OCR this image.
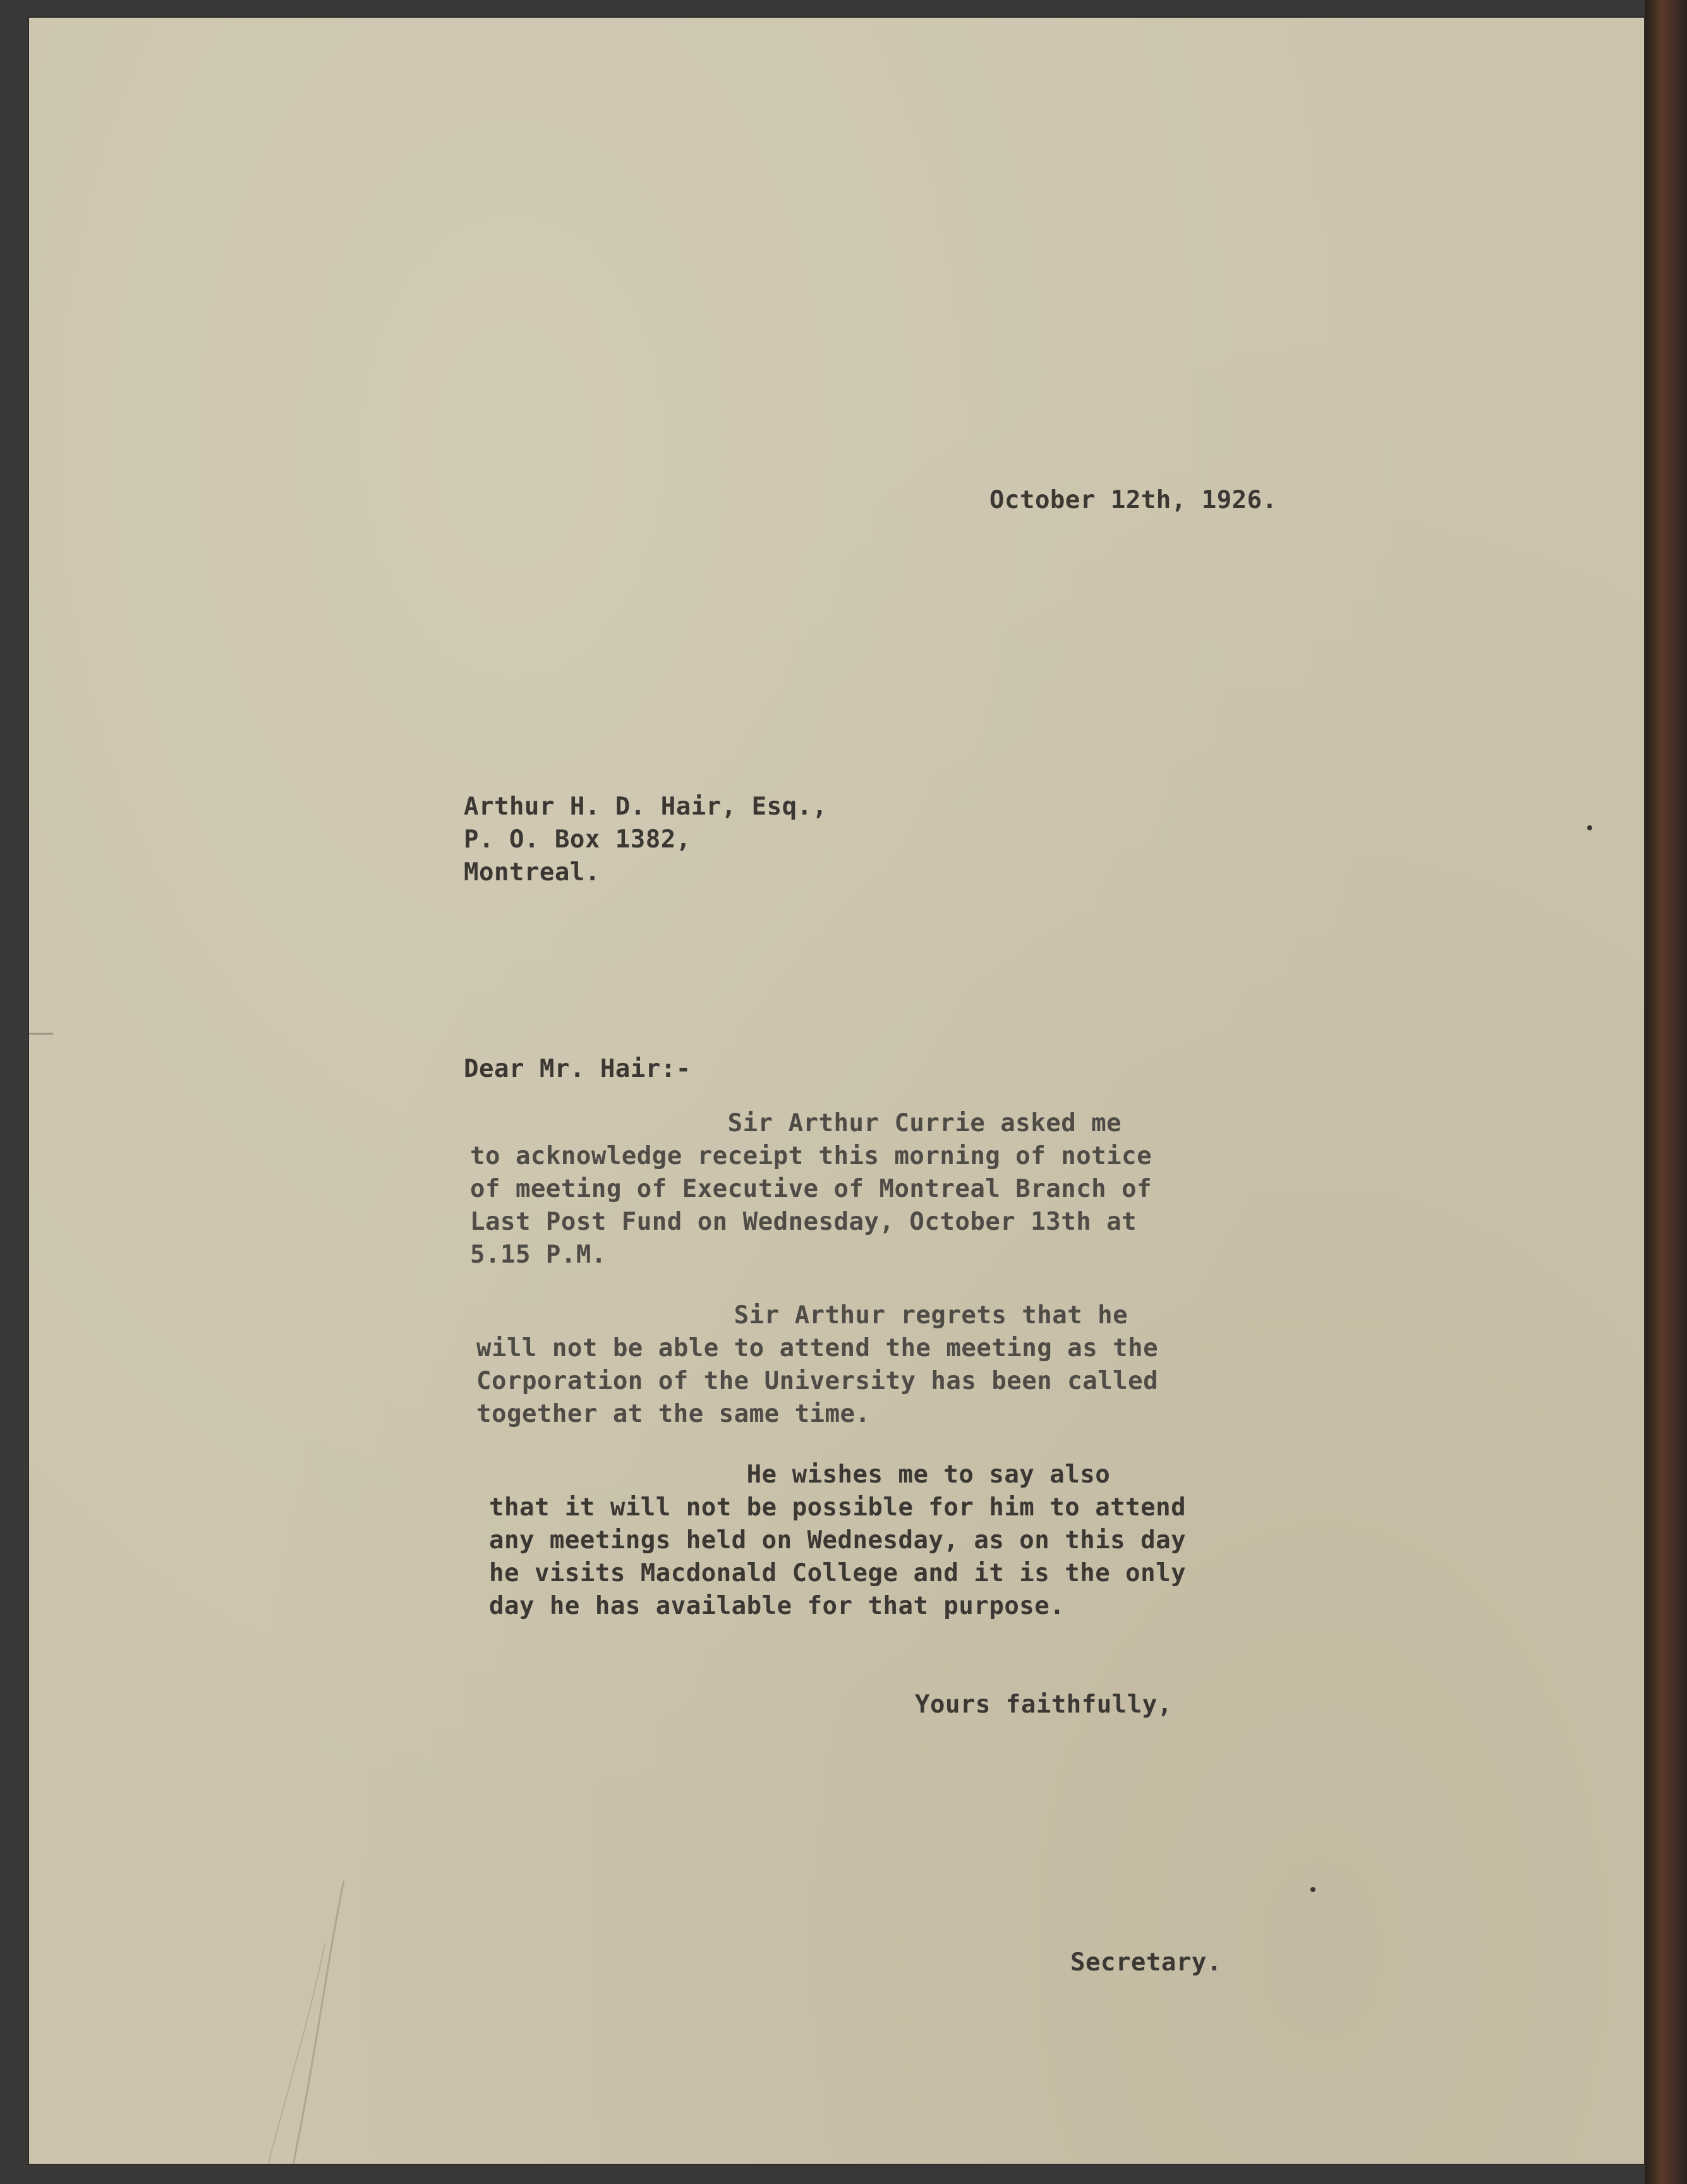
October 12th, 1926.
Arthur H. D. Hair, Esq.,
P. O. Box 1382,
Montreal.
Dear Mr. Hair:-
Sir Arthur Currie asked me
to acknowledge receipt this morning of notice
of meeting of Executive of Montreal Branch of
Last Post Fund on Wednesday, October 13th at
5.15 P.M.
Sir Arthur regrets that he
will not be able to attend the meeting as the
Corporation of the University has been called
together at the same time.
He wishes me to say also
that it will not be possible for him to attend
any meetings held on Wednesday, as on this day
he visits Macdonald College and it is the only
day he has available for that purpose.
Yours faithfully,
Secretary.
